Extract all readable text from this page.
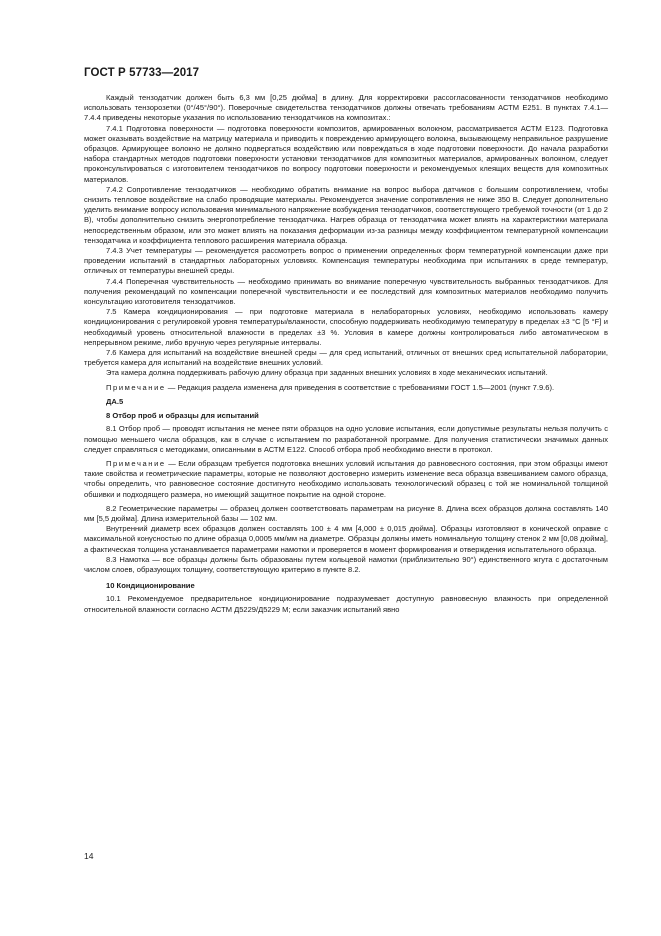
ГОСТ Р 57733—2017

Каждый тензодатчик должен быть 6,3 мм [0,25 дюйма] в длину. Для корректировки рассогласованности тензодатчиков необходимо использовать тензорозетки (0°/45°/90°). Поверочные свидетельства тензодатчиков должны отвечать требованиям АСТМ Е251. В пунктах 7.4.1—7.4.4 приведены некоторые указания по использованию тензодатчиков на композитах.:

7.4.1 Подготовка поверхности — подготовка поверхности композитов, армированных волокном, рассматривается АСТМ Е123. Подготовка может оказывать воздействие на матрицу материала и приводить к повреждению армирующего волокна, вызывающему неправильное разрушение образцов. Армирующее волокно не должно подвергаться воздействию или повреждаться в ходе подготовки поверхности. До начала разработки набора стандартных методов подготовки поверхности установки тензодатчиков для композитных материалов, армированных волокном, следует проконсультироваться с изготовителем тензодатчиков по вопросу подготовки поверхности и рекомендуемых клеящих веществ для композитных материалов.

7.4.2 Сопротивление тензодатчиков — необходимо обратить внимание на вопрос выбора датчиков с большим сопротивлением, чтобы снизить тепловое воздействие на слабо проводящие материалы. Рекомендуется значение сопротивления не ниже 350 В. Следует дополнительно уделить внимание вопросу использования минимального напряжение возбуждения тензодатчиков, соответствующего требуемой точности (от 1 до 2 В), чтобы дополнительно снизить энергопотребление тензодатчика. Нагрев образца от тензодатчика может влиять на характеристики материала непосредственным образом, или это может влиять на показания деформации из-за разницы между коэффициентом температурной компенсации тензодатчика и коэффициента теплового расширения материала образца.

7.4.3 Учет температуры — рекомендуется рассмотреть вопрос о применении определенных форм температурной компенсации даже при проведении испытаний в стандартных лабораторных условиях. Компенсация температуры необходима при испытаниях в среде температур, отличных от температуры внешней среды.

7.4.4 Поперечная чувствительность — необходимо принимать во внимание поперечную чувствительность выбранных тензодатчиков. Для получения рекомендаций по компенсации поперечной чувствительности и ее последствий для композитных материалов необходимо получить консультацию изготовителя тензодатчиков.

7.5 Камера кондиционирования — при подготовке материала в нелабораторных условиях, необходимо использовать камеру кондиционирования с регулировкой уровня температуры/влажности, способную поддерживать необходимую температуру в пределах ±3 °С [5 °F] и необходимый уровень относительной влажности в пределах ±3 %. Условия в камере должны контролироваться либо автоматическом в непрерывном режиме, либо вручную через регулярные интервалы.

7.6 Камера для испытаний на воздействие внешней среды — для сред испытаний, отличных от внешних сред испытательной лаборатории, требуется камера для испытаний на воздействие внешних условий.

Эта камера должна поддерживать рабочую длину образца при заданных внешних условиях в ходе механических испытаний.

Примечание — Редакция раздела изменена для приведения в соответствие с требованиями ГОСТ 1.5—2001 (пункт 7.9.6).

ДА.5
8 Отбор проб и образцы для испытаний

8.1 Отбор проб — проводят испытания не менее пяти образцов на одно условие испытания, если допустимые результаты нельзя получить с помощью меньшего числа образцов, как в случае с испытанием по разработанной программе. Для получения статистически значимых данных следует справляться с методиками, описанными в АСТМ Е122. Способ отбора проб необходимо внести в протокол.

Примечание — Если образцам требуется подготовка внешних условий испытания до равновесного состояния, при этом образцы имеют такие свойства и геометрические параметры, которые не позволяют достоверно измерить изменение веса образца взвешиванием самого образца, чтобы определить, что равновесное состояние достигнуто необходимо использовать технологический образец с той же номинальной толщиной обшивки и подходящего размера, но имеющий защитное покрытие на одной стороне.

8.2 Геометрические параметры — образец должен соответствовать параметрам на рисунке 8. Длина всех образцов должна составлять 140 мм [5,5 дюйма]. Длина измерительной базы — 102 мм.

Внутренний диаметр всех образцов должен составлять 100 ± 4 мм [4,000 ± 0,015 дюйма]. Образцы изготовляют в конической оправке с максимальной конусностью по длине образца 0,0005 мм/мм на диаметре. Образцы должны иметь номинальную толщину стенок 2 мм [0,08 дюйма], а фактическая толщина устанавливается параметрами намотки и проверяется в момент формирования и отверждения испытательного образца.

8.3 Намотка — все образцы должны быть образованы путем кольцевой намотки (приблизительно 90°) единственного жгута с достаточным числом слоев, образующих толщину, соответствующую критерию в пункте 8.2.

10 Кондиционирование

10.1 Рекомендуемое предварительное кондиционирование подразумевает доступную равновесную влажность при определенной относительной влажности согласно АСТМ Д5229/Д5229 М; если заказчик испытаний явно

14
